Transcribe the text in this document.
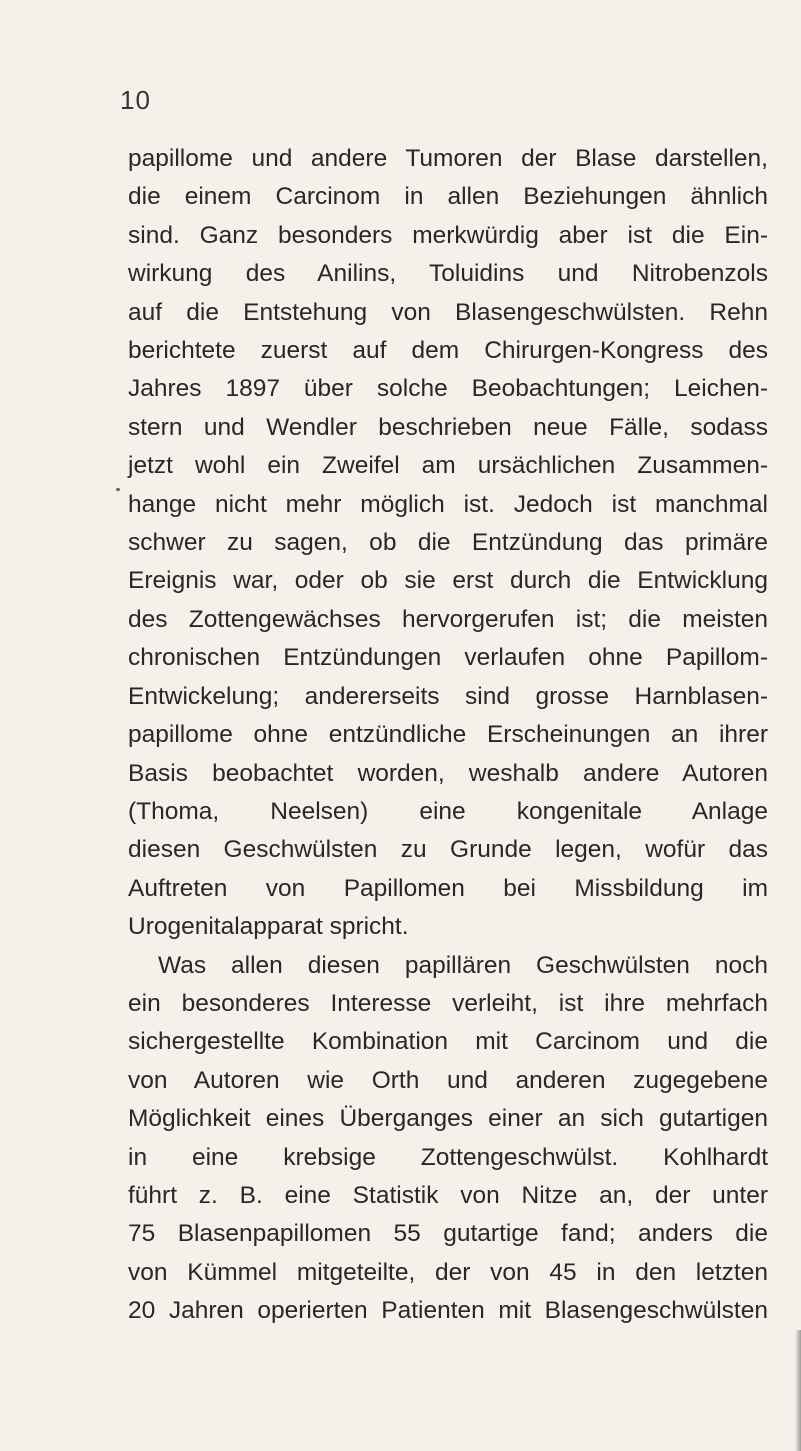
10
papillome und andere Tumoren der Blase darstellen,
die einem Carcinom in allen Beziehungen ähnlich
sind. Ganz besonders merkwürdig aber ist die Ein-
wirkung des Anilins, Toluidins und Nitrobenzols
auf die Entstehung von Blasengeschwülsten. Rehn
berichtete zuerst auf dem Chirurgen-Kongress des
Jahres 1897 über solche Beobachtungen; Leichen-
stern und Wendler beschrieben neue Fälle, sodass
jetzt wohl ein Zweifel am ursächlichen Zusammen-
hange nicht mehr möglich ist. Jedoch ist manchmal
schwer zu sagen, ob die Entzündung das primäre
Ereignis war, oder ob sie erst durch die Entwicklung
des Zottengewächses hervorgerufen ist; die meisten
chronischen Entzündungen verlaufen ohne Papillom-
Entwickelung; andererseits sind grosse Harnblasen-
papillome ohne entzündliche Erscheinungen an ihrer
Basis beobachtet worden, weshalb andere Autoren
(Thoma, Neelsen) eine kongenitale Anlage
diesen Geschwülsten zu Grunde legen, wofür das
Auftreten von Papillomen bei Missbildung im
Urogenitalapparat spricht.
Was allen diesen papillären Geschwülsten noch
ein besonderes Interesse verleiht, ist ihre mehrfach
sichergestellte Kombination mit Carcinom und die
von Autoren wie Orth und anderen zugegebene
Möglichkeit eines Überganges einer an sich gutartigen
in eine krebsige Zottengeschwülst. Kohlhardt
führt z. B. eine Statistik von Nitze an, der unter
75 Blasenpapillomen 55 gutartige fand; anders die
von Kümmel mitgeteilte, der von 45 in den letzten
20 Jahren operierten Patienten mit Blasengeschwülsten
